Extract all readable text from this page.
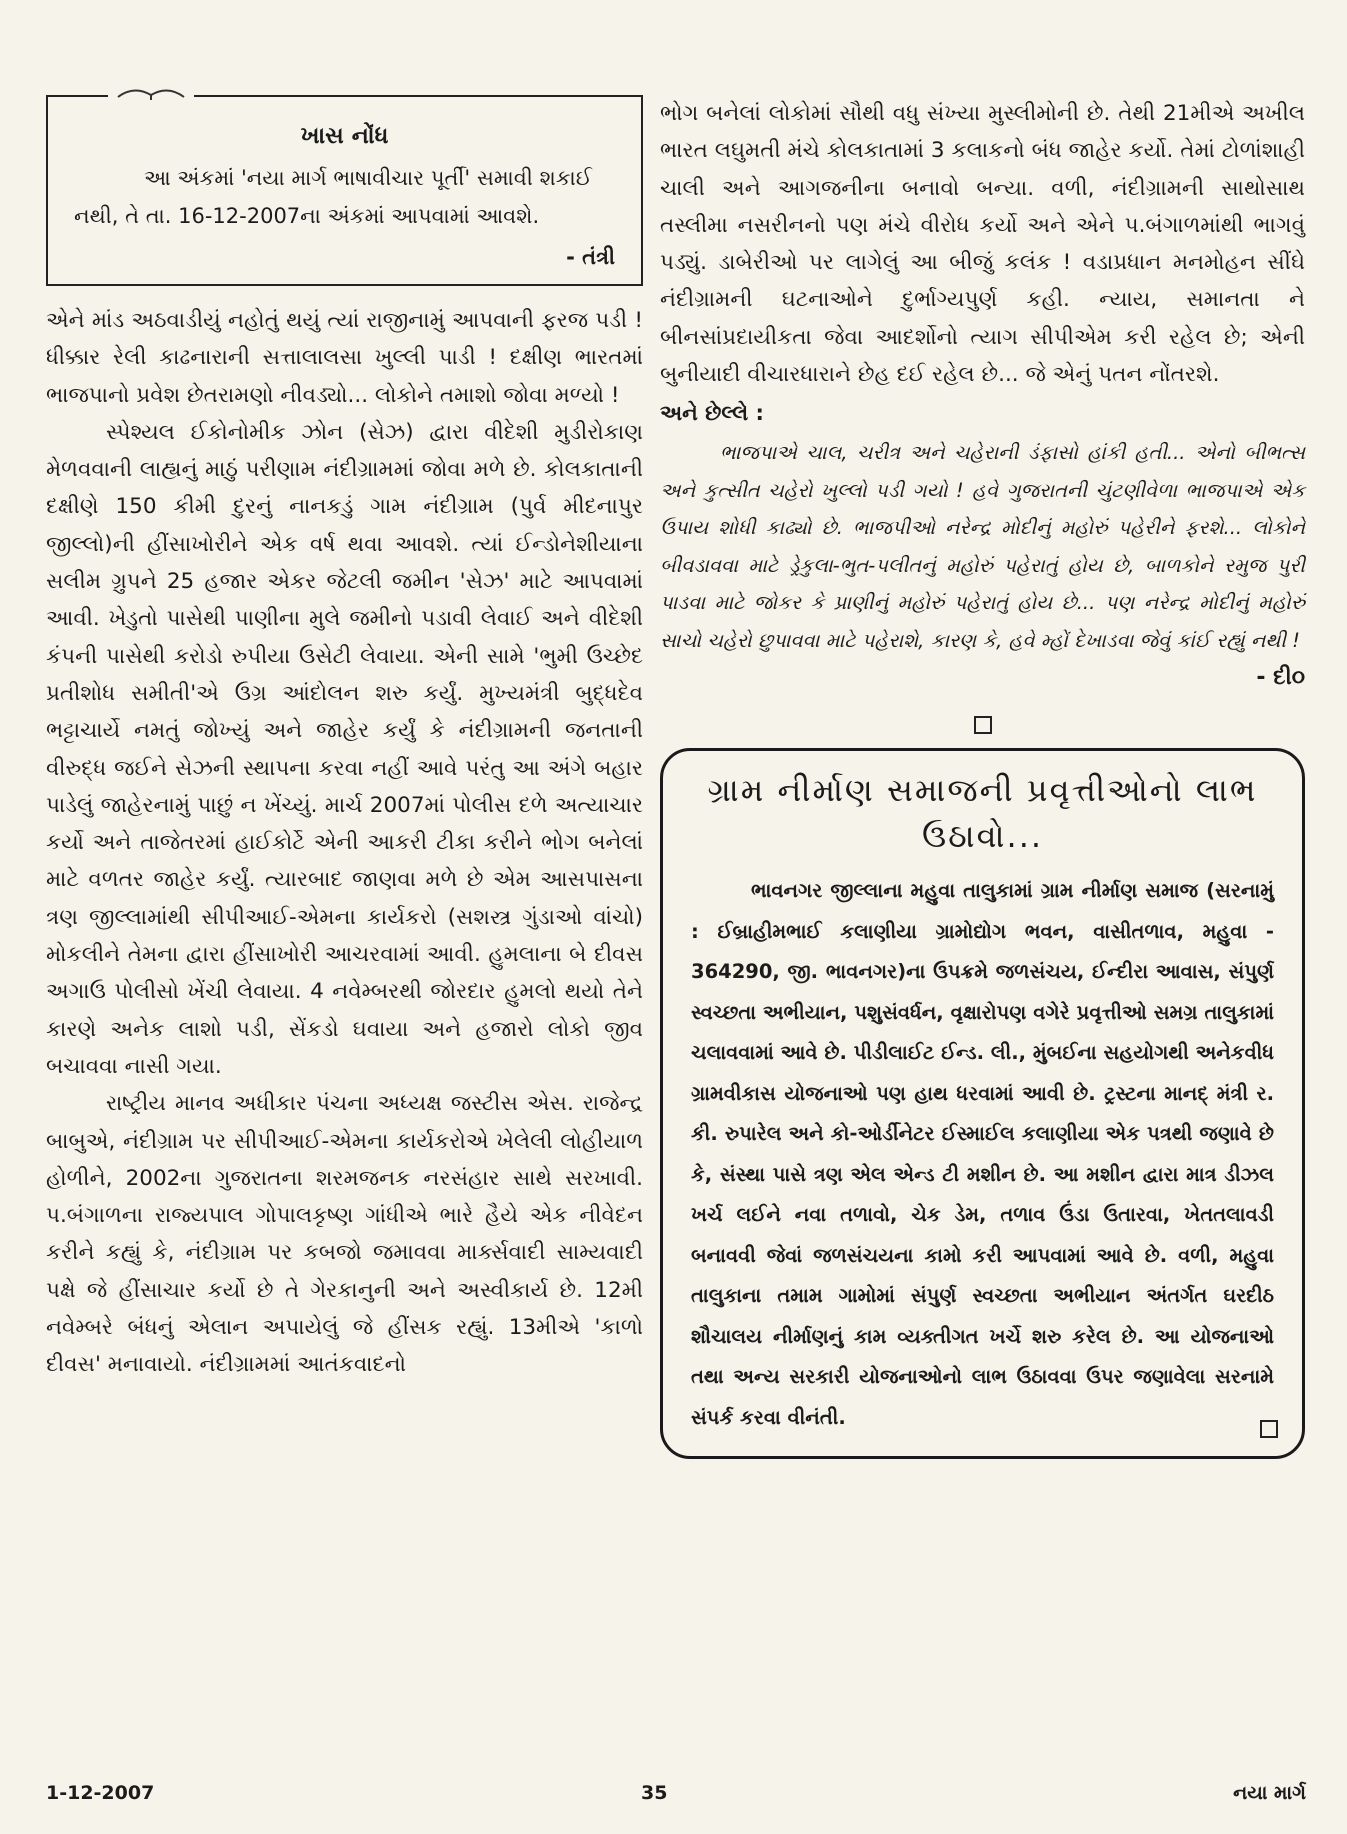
ખાસ નોંધ
આ અંકમાં 'નયા માર્ગ ભાષાવીચાર પૂર્તી' સમાવી શકાઈ નથી, તે તા. 16-12-2007ના અંકમાં આપવામાં આવશે.
- તંત્રી

એને માંડ અઠવાડીયું નહોતું થયું ત્યાં રાજીનામું આપવાની ફરજ પડી ! ધીક્કાર રેલી કાઢનારાની સત્તાલાલસા ખુલ્લી પાડી ! દક્ષીણ ભારતમાં ભાજપાનો પ્રવેશ છેતરામણો નીવડ્યો... લોકોને તમાશો જોવા મળ્યો !

સ્પેશ્યલ ઈકોનોમીક ઝોન (સેઝ) દ્વારા વીદેશી મુડીરોકાણ મેળવવાની લાહ્યનું માઠું પરીણામ નંદીગ્રામમાં જોવા મળે છે. કોલકાતાની દક્ષીણે 150 કીમી દુરનું નાનકડું ગામ નંદીગ્રામ (પુર્વ મીદનાપુર જીલ્લો)ની હીંસાખોરીને એક વર્ષ થવા આવશે. ત્યાં ઈન્ડોનેશીયાના સલીમ ગ્રુપને 25 હજાર એકર જેટલી જમીન 'સેઝ' માટે આપવામાં આવી. ખેડુતો પાસેથી પાણીના મુલે જમીનો પડાવી લેવાઈ અને વીદેશી કંપની પાસેથી કરોડો રુપીયા ઉસેટી લેવાયા. એની સામે 'ભુમી ઉચ્છેદ પ્રતીશોધ સમીતી'એ ઉગ્ર આંદોલન શરુ કર્યું. મુખ્યમંત્રી બુદ્ધદેવ ભટ્ટાચાર્યે નમતું જોખ્યું અને જાહેર કર્યું કે નંદીગ્રામની જનતાની વીરુદ્ધ જઈને સેઝની સ્થાપના કરવા નહીં આવે પરંતુ આ અંગે બહાર પાડેલું જાહેરનામું પાછું ન ખેંચ્યું. માર્ચ 2007માં પોલીસ દળે અત્યાચાર કર્યો અને તાજેતરમાં હાઈકોર્ટે એની આકરી ટીકા કરીને ભોગ બનેલાં માટે વળતર જાહેર કર્યું. ત્યારબાદ જાણવા મળે છે એમ આસપાસના ત્રણ જીલ્લામાંથી સીપીઆઈ-એમના કાર્યકરો (સશસ્ત્ર ગુંડાઓ વાંચો) મોકલીને તેમના દ્વારા હીંસાખોરી આચરવામાં આવી. હુમલાના બે દીવસ અગાઉ પોલીસો ખેંચી લેવાયા. 4 નવેમ્બરથી જોરદાર હુમલો થયો તેને કારણે અનેક લાશો પડી, સેંકડો ઘવાયા અને હજારો લોકો જીવ બચાવવા નાસી ગયા.

રાષ્ટ્રીય માનવ અધીકાર પંચના અધ્યક્ષ જસ્ટીસ એસ. રાજેન્દ્ર બાબુએ, નંદીગ્રામ પર સીપીઆઈ-એમના કાર્યકરોએ ખેલેલી લોહીયાળ હોળીને, 2002ના ગુજરાતના શરમજનક નરસંહાર સાથે સરખાવી. પ.બંગાળના રાજ્યપાલ ગોપાલકૃષ્ણ ગાંધીએ ભારે હૈયે એક નીવેદન કરીને કહ્યું કે, નંદીગ્રામ પર કબજો જમાવવા માર્ક્સવાદી સામ્યવાદી પક્ષે જે હીંસાચાર કર્યો છે તે ગેરકાનુની અને અસ્વીકાર્ય છે. 12મી નવેમ્બરે બંધનું એલાન અપાયેલું જે હીંસક રહ્યું. 13મીએ 'કાળો દીવસ' મનાવાયો. નંદીગ્રામમાં આતંકવાદનો

ભોગ બનેલાં લોકોમાં સૌથી વધુ સંખ્યા મુસ્લીમોની છે. તેથી 21મીએ અખીલ ભારત લઘુમતી મંચે કોલકાતામાં 3 કલાકનો બંધ જાહેર કર્યો. તેમાં ટોળાંશાહી ચાલી અને આગજનીના બનાવો બન્યા. વળી, નંદીગ્રામની સાથોસાથ તસ્લીમા નસરીનનો પણ મંચે વીરોધ કર્યો અને એને પ.બંગાળમાંથી ભાગવું પડ્યું. ડાબેરીઓ પર લાગેલું આ બીજું કલંક ! વડાપ્રધાન મનમોહન સીંઘે નંદીગ્રામની ઘટનાઓને દુર્ભાગ્યપુર્ણ કહી. ન્યાય, સમાનતા ને બીનસાંપ્રદાયીકતા જેવા આદર્શોનો ત્યાગ સીપીએમ કરી રહેલ છે; એની બુનીયાદી વીચારધારાને છેહ દઈ રહેલ છે... જે એનું પતન નોંતરશે.

અને છેલ્લે :

ભાજપાએ ચાલ, ચરીત્ર અને ચહેરાની ડંફાસો હાંકી હતી... એનો બીભત્સ અને કુત્સીત ચહેરો ખુલ્લો પડી ગયો ! હવે ગુજરાતની ચુંટણીવેળા ભાજપાએ એક ઉપાય શોધી કાઢ્યો છે. ભાજપીઓ નરેન્દ્ર મોદીનું મહોરું પહેરીને ફરશે... લોકોને બીવડાવવા માટે ડ્રેકુલા-ભુત-પલીતનું મહોરું પહેરાતું હોય છે, બાળકોને રમુજ પુરી પાડવા માટે જોકર કે પ્રાણીનું મહોરું પહેરાતું હોય છે... પણ નરેન્દ્ર મોદીનું મહોરું સાચો ચહેરો છુપાવવા માટે પહેરાશે, કારણ કે, હવે મ્હોં દેખાડવા જેવું કાંઈ રહ્યું નથી !

- દી૦
ગ્રામ નીર્માણ સમાજની પ્રવૃત્તીઓનો લાભ ઉઠાવો...

ભાવનગર જીલ્લાના મહુવા તાલુકામાં ગ્રામ નીર્માણ સમાજ (સરનામું : ઈબ્રાહીમભાઈ કલાણીયા ગ્રામોદ્યોગ ભવન, વાસીતળાવ, મહુવા - 364290, જી. ભાવનગર)ના ઉપક્રમે જળસંચય, ઈન્દીરા આવાસ, સંપુર્ણ સ્વચ્છતા અભીયાન, પશુસંવર્ધન, વૃક્ષારોપણ વગેરે પ્રવૃત્તીઓ સમગ્ર તાલુકામાં ચલાવવામાં આવે છે. પીડીલાઈટ ઈન્ડ. લી., મુંબઈના સહયોગથી અનેકવીધ ગ્રામવીકાસ યોજનાઓ પણ હાથ ધરવામાં આવી છે. ટ્રસ્ટના માનદ્ મંત્રી ર. કી. રુપારેલ અને કો-ઓર્ડીનેટર ઈસ્માઈલ કલાણીયા એક પત્રથી જણાવે છે કે, સંસ્થા પાસે ત્રણ એલ એન્ડ ટી મશીન છે. આ મશીન દ્વારા માત્ર ડીઝલ ખર્ચ લઈને નવા તળાવો, ચેક ડેમ, તળાવ ઉંડા ઉતારવા, ખેતતલાવડી બનાવવી જેવાં જળસંચયના કામો કરી આપવામાં આવે છે. વળી, મહુવા તાલુકાના તમામ ગામોમાં સંપુર્ણ સ્વચ્છતા અભીયાન અંતર્ગત ઘરદીઠ શૌચાલય નીર્માણનું કામ વ્યક્તીગત ખર્ચે શરુ કરેલ છે. આ યોજનાઓ તથા અન્ય સરકારી યોજનાઓનો લાભ ઉઠાવવા ઉપર જણાવેલા સરનામે સંપર્ક કરવા વીનંતી.

1-12-2007	35	નયા માર્ગ
